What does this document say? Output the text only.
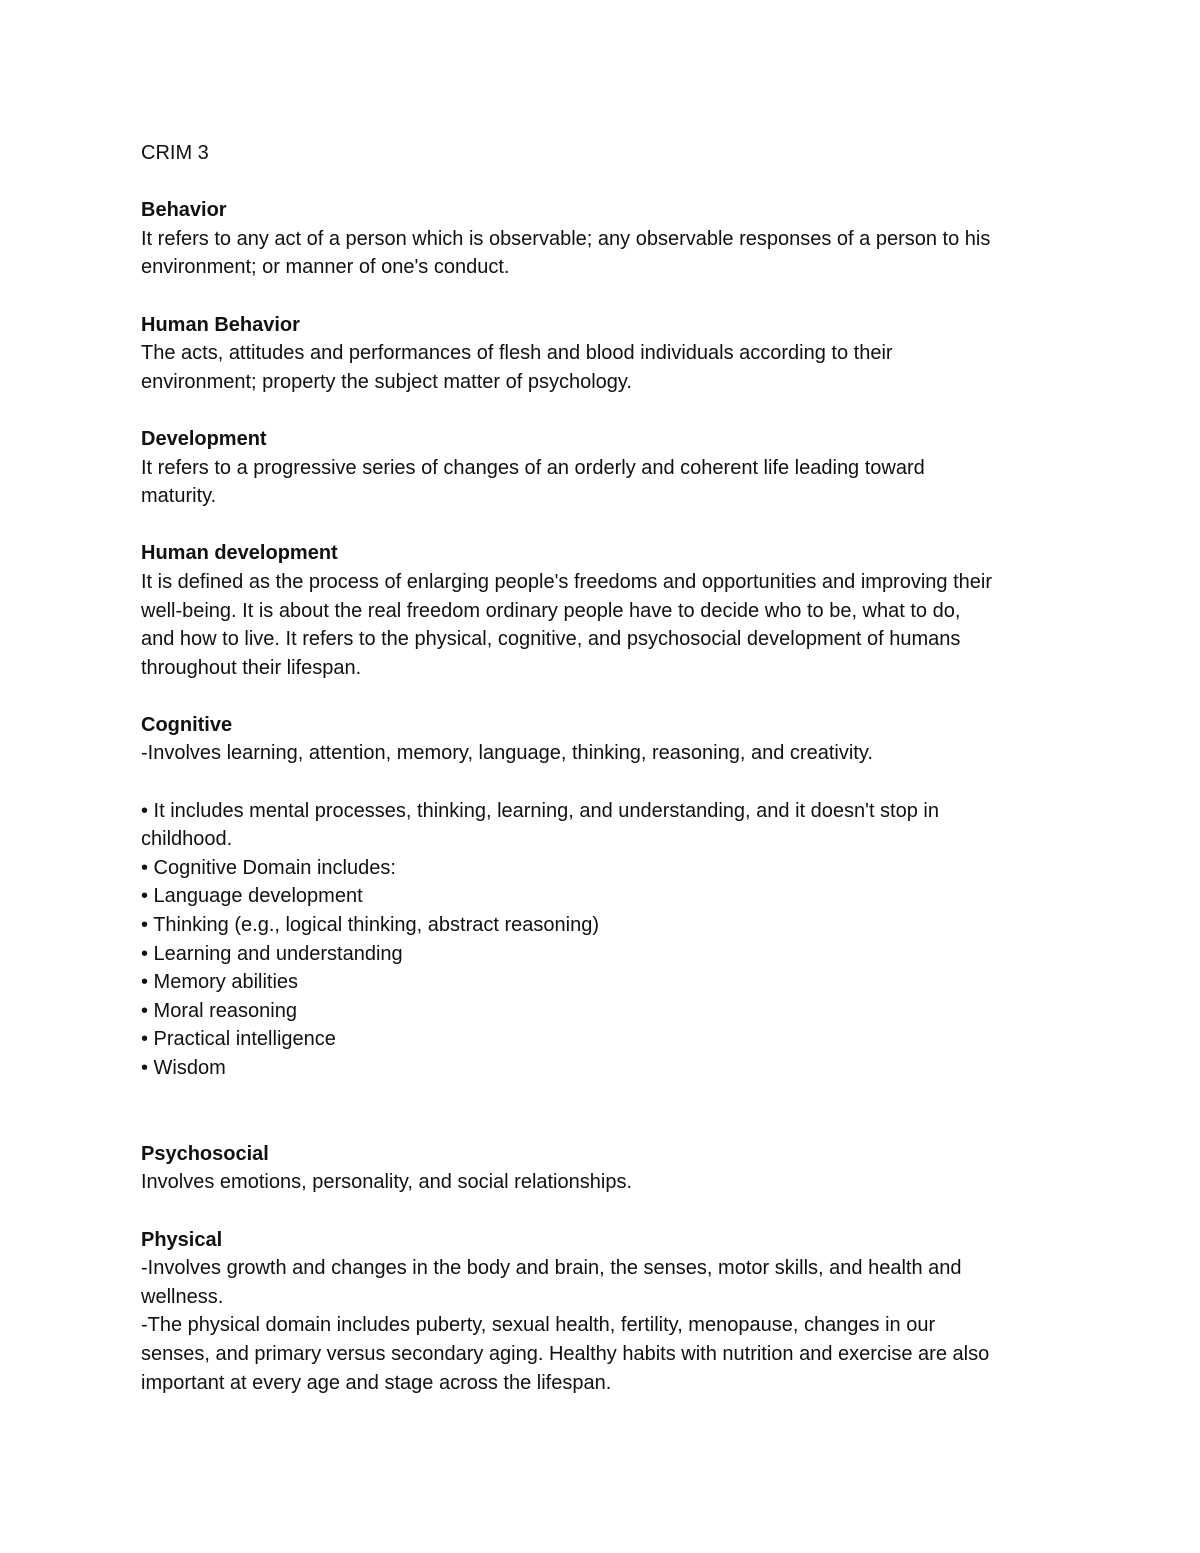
CRIM 3
Behavior
It refers to any act of a person which is observable; any observable responses of a person to his
environment; or manner of one's conduct.
Human Behavior
The acts, attitudes and performances of flesh and blood individuals according to their
environment; property the subject matter of psychology.
Development
It refers to a progressive series of changes of an orderly and coherent life leading toward
maturity.
Human development
It is defined as the process of enlarging people's freedoms and opportunities and improving their
well-being. It is about the real freedom ordinary people have to decide who to be, what to do,
and how to live. It refers to the physical, cognitive, and psychosocial development of humans
throughout their lifespan.
Cognitive
-Involves learning, attention, memory, language, thinking, reasoning, and creativity.
• It includes mental processes, thinking, learning, and understanding, and it doesn't stop in
childhood.
• Cognitive Domain includes:
• Language development
• Thinking (e.g., logical thinking, abstract reasoning)
• Learning and understanding
• Memory abilities
• Moral reasoning
• Practical intelligence
• Wisdom
Psychosocial
Involves emotions, personality, and social relationships.
Physical
-Involves growth and changes in the body and brain, the senses, motor skills, and health and
wellness.
-The physical domain includes puberty, sexual health, fertility, menopause, changes in our
senses, and primary versus secondary aging. Healthy habits with nutrition and exercise are also
important at every age and stage across the lifespan.
